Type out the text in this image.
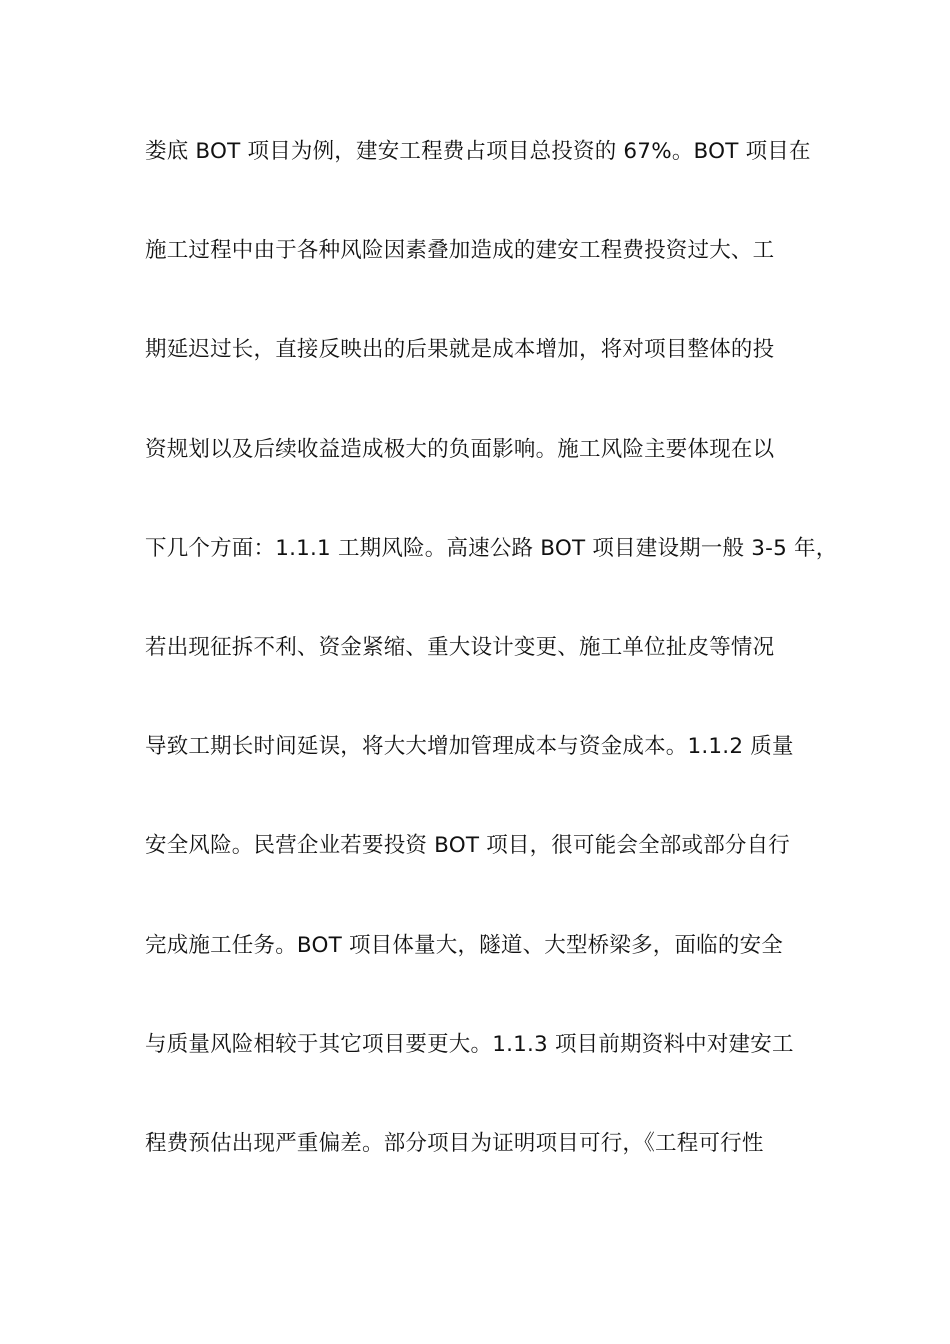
娄底 BOT 项目为例，建安工程费占项目总投资的 67%。BOT 项目在
施工过程中由于各种风险因素叠加造成的建安工程费投资过大、工
期延迟过长，直接反映出的后果就是成本增加，将对项目整体的投
资规划以及后续收益造成极大的负面影响。施工风险主要体现在以
下几个方面：1.1.1 工期风险。高速公路 BOT 项目建设期一般 3-5 年，
若出现征拆不利、资金紧缩、重大设计变更、施工单位扯皮等情况
导致工期长时间延误，将大大增加管理成本与资金成本。1.1.2 质量
安全风险。民营企业若要投资 BOT 项目，很可能会全部或部分自行
完成施工任务。BOT 项目体量大，隧道、大型桥梁多，面临的安全
与质量风险相较于其它项目要更大。1.1.3 项目前期资料中对建安工
程费预估出现严重偏差。部分项目为证明项目可行，《工程可行性
